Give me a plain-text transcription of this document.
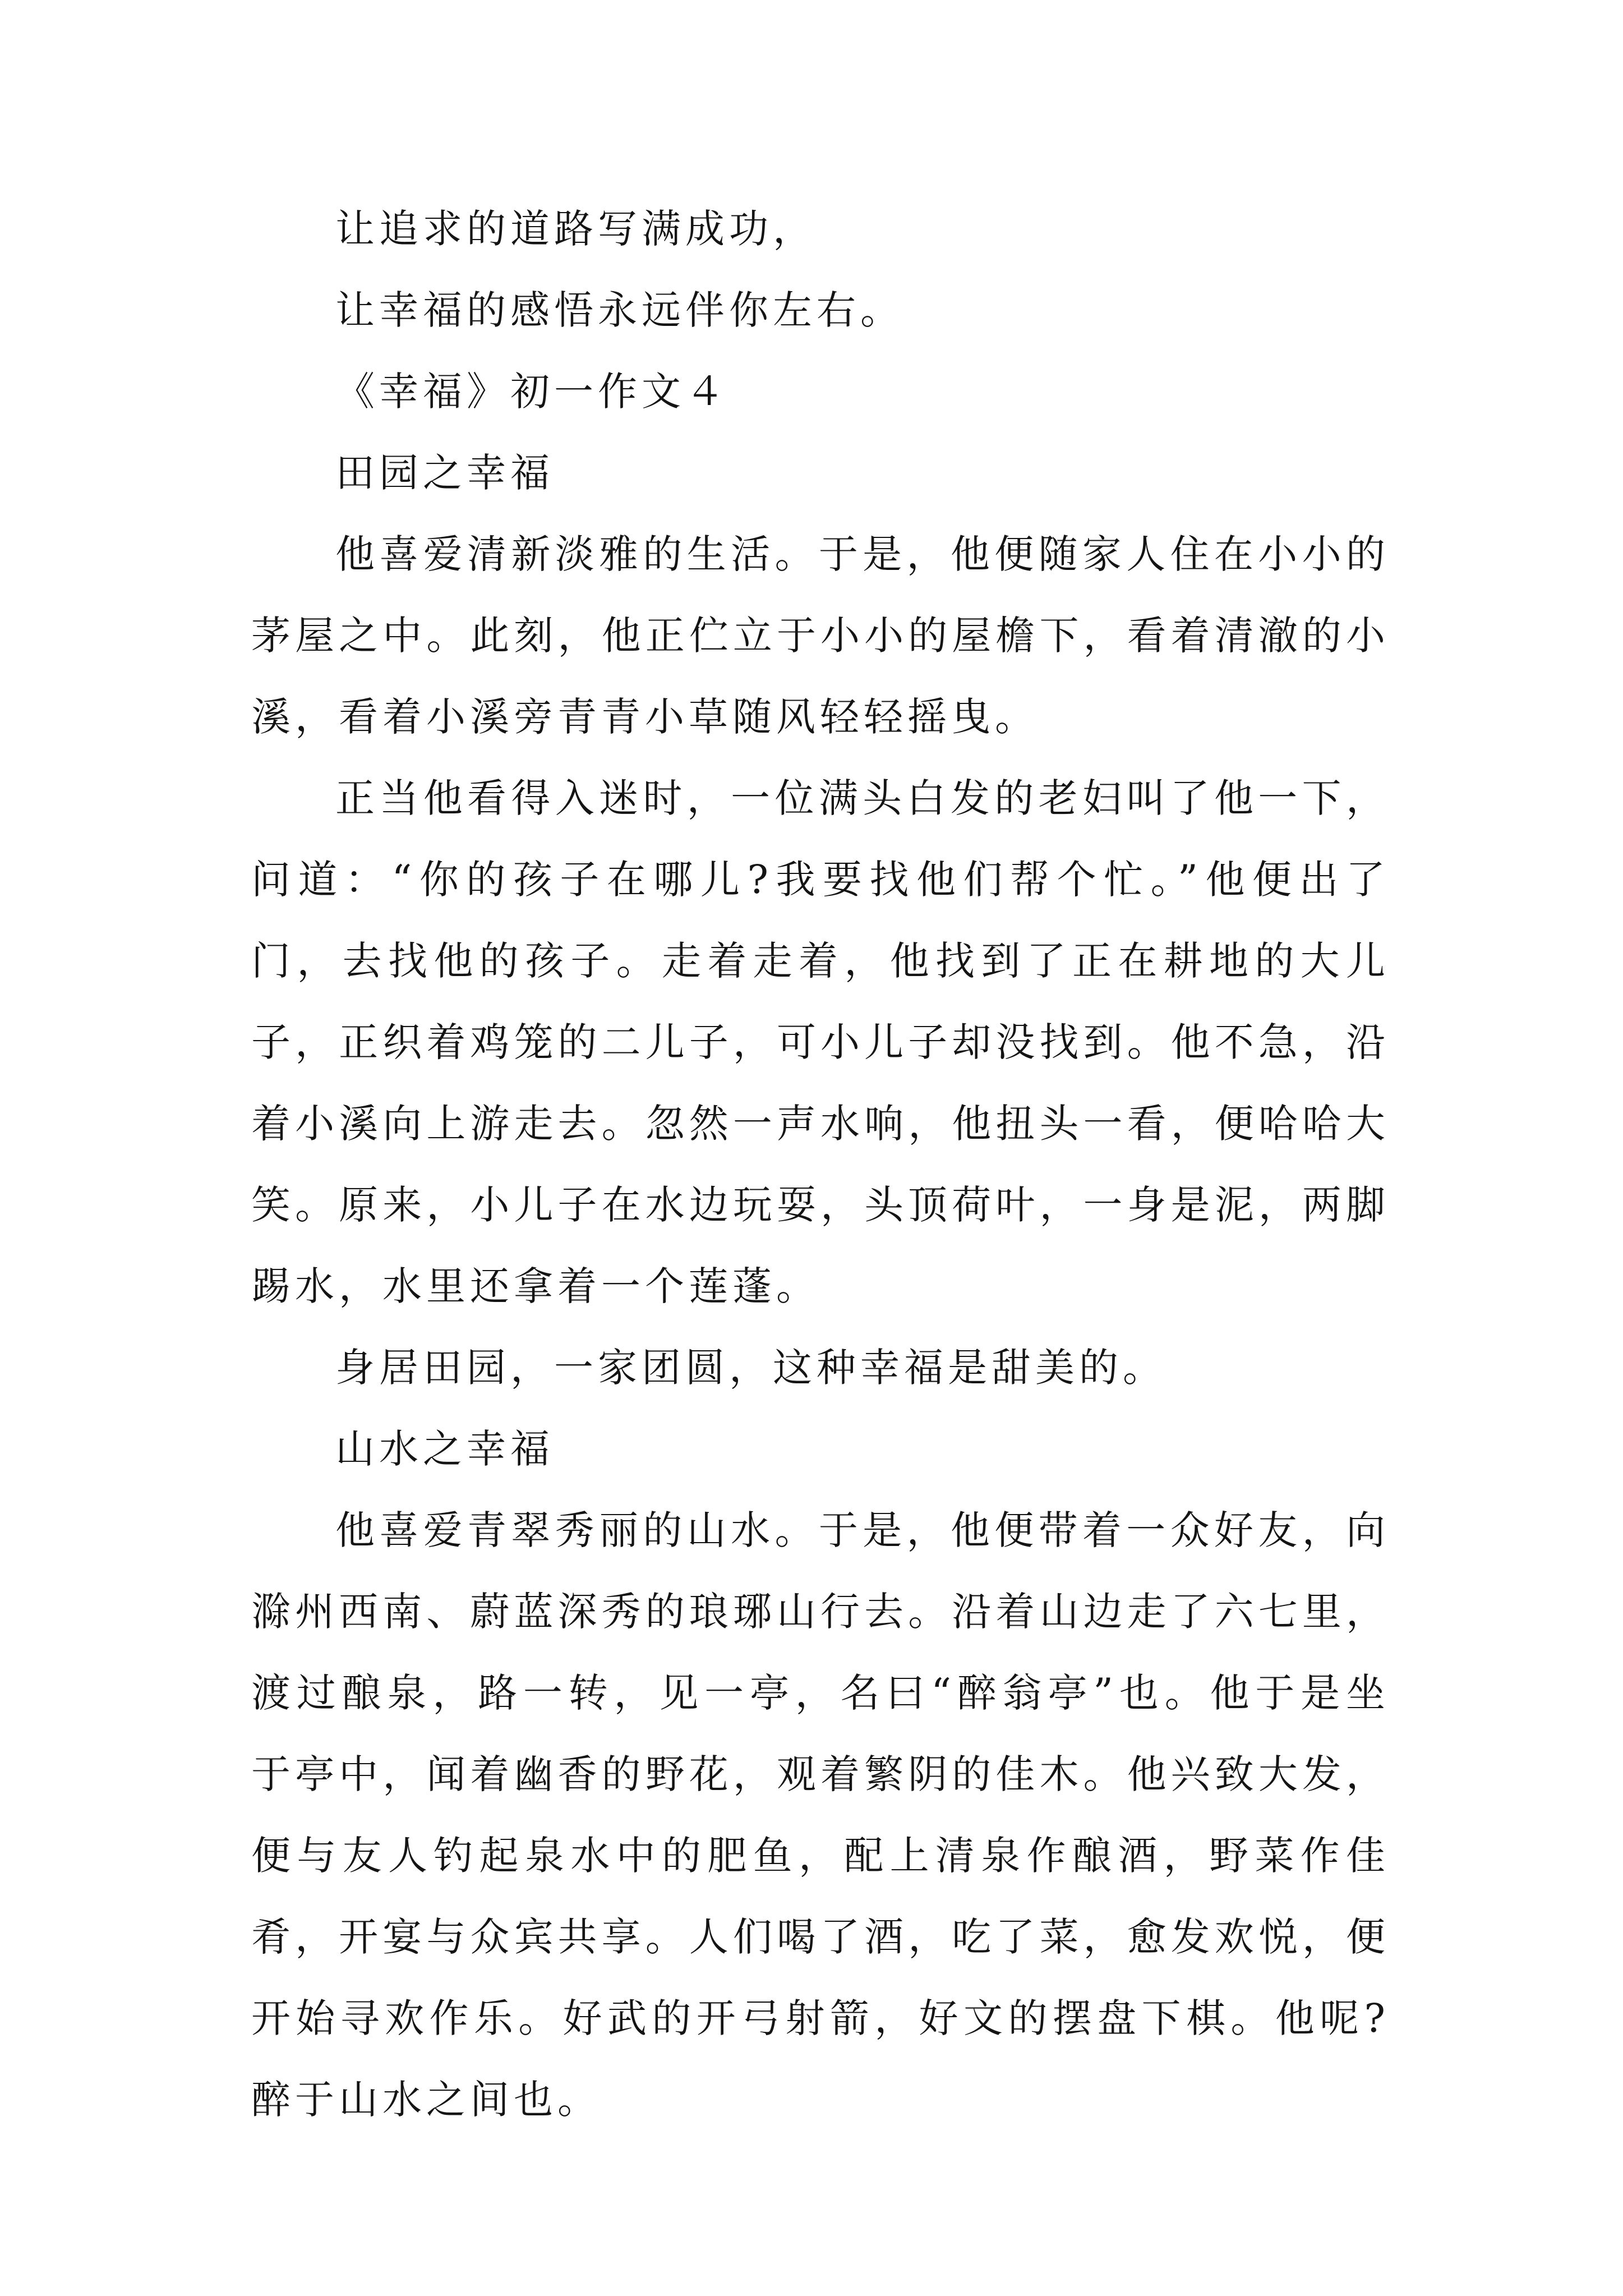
让追求的道路写满成功，

让幸福的感悟永远伴你左右。

《幸福》初一作文４

田园之幸福

他喜爱清新淡雅的生活。于是，他便随家人住在小小的茅屋之中。此刻，他正伫立于小小的屋檐下，看着清澈的小溪，看着小溪旁青青小草随风轻轻摇曳。

正当他看得入迷时，一位满头白发的老妇叫了他一下，问道：“你的孩子在哪儿?我要找他们帮个忙。”他便出了门，去找他的孩子。走着走着，他找到了正在耕地的大儿子，正织着鸡笼的二儿子，可小儿子却没找到。他不急，沿着小溪向上游走去。忽然一声水响，他扭头一看，便哈哈大笑。原来，小儿子在水边玩耍，头顶荷叶，一身是泥，两脚踢水，水里还拿着一个莲蓬。

身居田园，一家团圆，这种幸福是甜美的。

山水之幸福

他喜爱青翠秀丽的山水。于是，他便带着一众好友，向滁州西南、蔚蓝深秀的琅琊山行去。沿着山边走了六七里，渡过酿泉，路一转，见一亭，名曰“醉翁亭”也。他于是坐于亭中，闻着幽香的野花，观着繁阴的佳木。他兴致大发，便与友人钓起泉水中的肥鱼，配上清泉作酿酒，野菜作佳肴，开宴与众宾共享。人们喝了酒，吃了菜，愈发欢悦，便开始寻欢作乐。好武的开弓射箭，好文的摆盘下棋。他呢?醉于山水之间也。
